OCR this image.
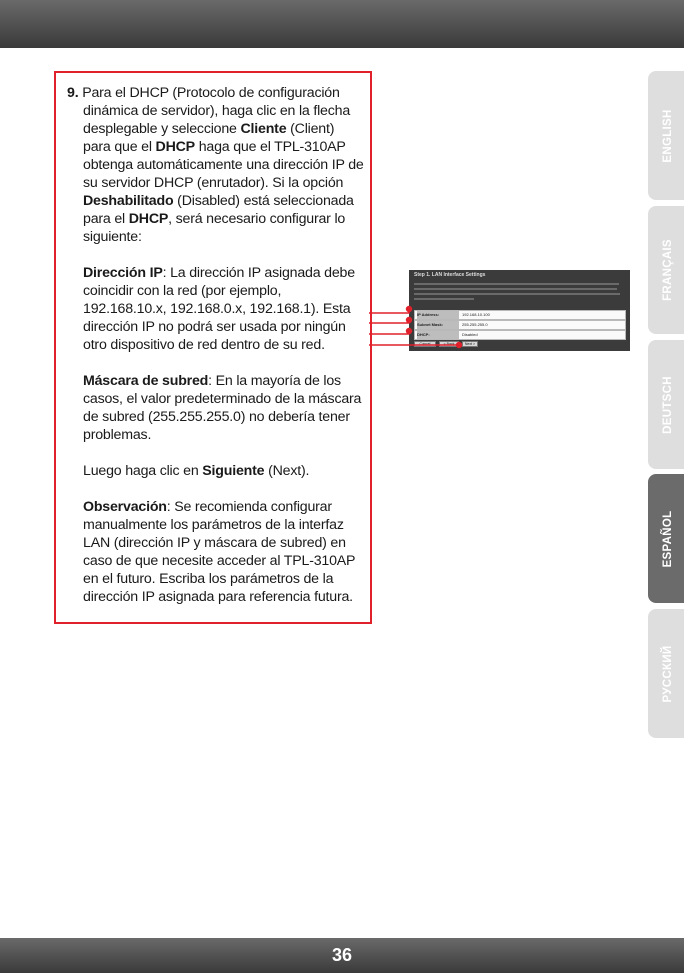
9. Para el DHCP (Protocolo de configuración dinámica de servidor), haga clic en la flecha desplegable y seleccione Cliente (Client) para que el DHCP haga que el TPL-310AP obtenga automáticamente una dirección IP de su servidor DHCP (enrutador). Si la opción Deshabilitado (Disabled) está seleccionada para el DHCP, será necesario configurar lo siguiente:

Dirección IP: La dirección IP asignada debe coincidir con la red (por ejemplo, 192.168.10.x, 192.168.0.x, 192.168.1). Esta dirección IP no podrá ser usada por ningún otro dispositivo de red dentro de su red.

Máscara de subred: En la mayoría de los casos, el valor predeterminado de la máscara de subred (255.255.255.0) no debería tener problemas.

Luego haga clic en Siguiente (Next).

Observación: Se recomienda configurar manualmente los parámetros de la interfaz LAN (dirección IP y máscara de subred) en caso de que necesite acceder al TPL-310AP en el futuro. Escriba los parámetros de la dirección IP asignada para referencia futura.

Step 1. LAN Interface Settings
IP Address:	192.168.10.100
Subnet Mask:	255.255.255.0
DHCP:	Disabled
Cancel	< Back	Next >
ENGLISH
FRANÇAIS
DEUTSCH
ESPAÑOL
РУССКИЙ
36
